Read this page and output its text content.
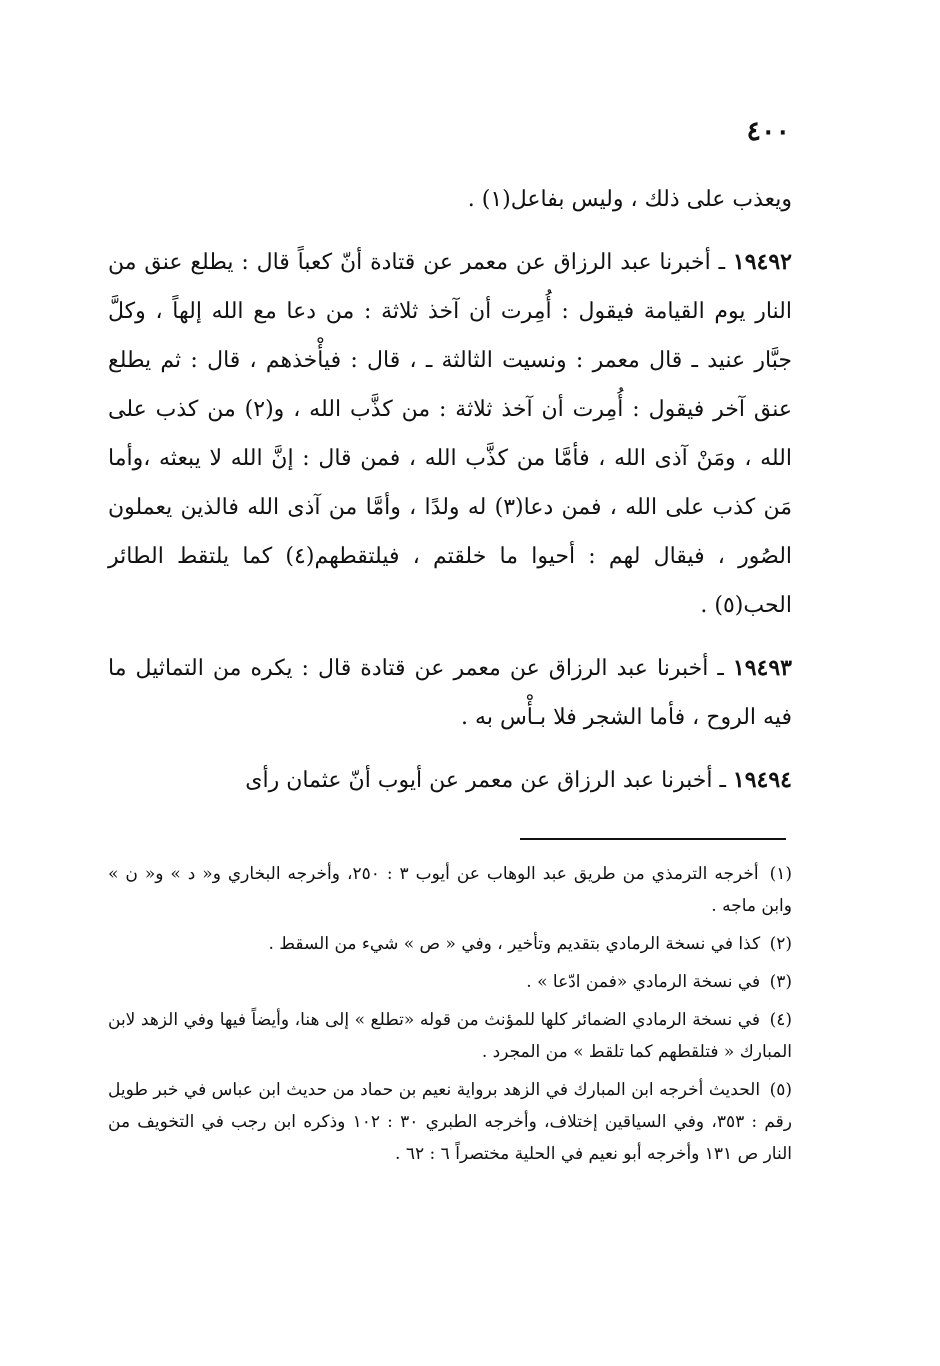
٤٠٠

ويعذب على ذلك ، وليس بفاعل(١) .

١٩٤٩٢ ـ أخبرنا عبد الرزاق عن معمر عن قتادة أنّ كعباً قال : يطلع عنق من النار يوم القيامة فيقول : أُمِرت أن آخذ ثلاثة : من دعا مع الله إلهاً ، وكلَّ جبَّار عنيد ـ قال معمر : ونسيت الثالثة ـ ، قال : فيأْخذهم ، قال : ثم يطلع عنق آخر فيقول : أُمِرت أن آخذ ثلاثة : من كذَّب الله ، و(٢) من كذب على الله ، ومَنْ آذى الله ، فأمَّا من كذَّب الله ، فمن قال : إنَّ الله لا يبعثه ،وأما مَن كذب على الله ، فمن دعا(٣) له ولدًا ، وأمَّا من آذى الله فالذين يعملون الصُور ، فيقال لهم : أحيوا ما خلقتم ، فيلتقطهم(٤) كما يلتقط الطائر الحب(٥) .

١٩٤٩٣ ـ أخبرنا عبد الرزاق عن معمر عن قتادة قال : يكره من التماثيل ما فيه الروح ، فأما الشجر فلا بـأْس به .

١٩٤٩٤ ـ أخبرنا عبد الرزاق عن معمر عن أيوب أنّ عثمان رأى

(١) أخرجه الترمذي من طريق عبد الوهاب عن أيوب ٣ : ٢٥٠، وأخرجه البخاري و« د » و« ن » وابن ماجه .

(٢) كذا في نسخة الرمادي بتقديم وتأخير ، وفي « ص » شيء من السقط .

(٣) في نسخة الرمادي «فمن ادّعا » .

(٤) في نسخة الرمادي الضمائر كلها للمؤنث من قوله «تطلع » إلى هنا، وأيضاً فيها وفي الزهد لابن المبارك « فتلقطهم كما تلقط » من المجرد .

(٥) الحديث أخرجه ابن المبارك في الزهد برواية نعيم بن حماد من حديث ابن عباس في خبر طويل رقم : ٣٥٣، وفي السياقين إختلاف، وأخرجه الطبري ٣٠ : ١٠٢ وذكره ابن رجب في التخويف من النار ص ١٣١ وأخرجه أبو نعيم في الحلية مختصراً ٦ : ٦٢ .
